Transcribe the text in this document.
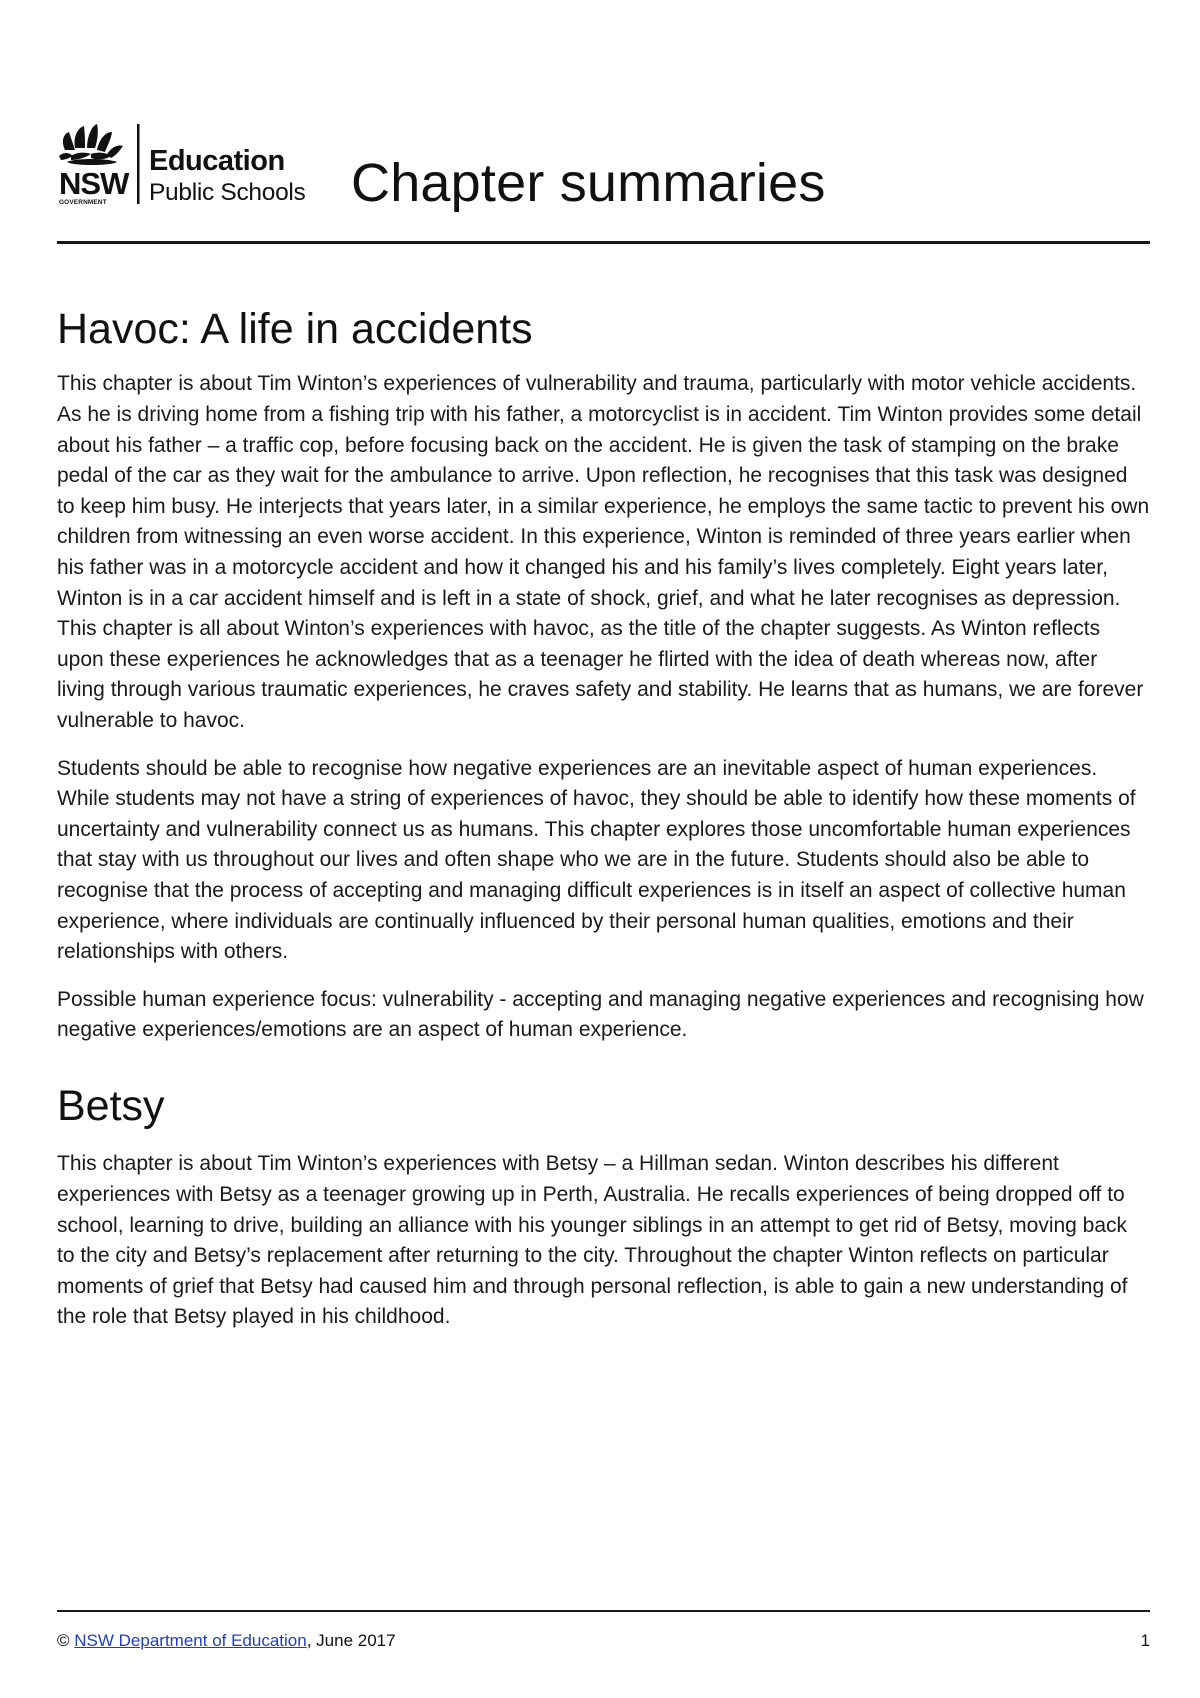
NSW
GOVERNMENT
Education
Public Schools Chapter summaries
Havoc: A life in accidents

This chapter is about Tim Winton’s experiences of vulnerability and trauma, particularly with motor vehicle accidents. As he is driving home from a fishing trip with his father, a motorcyclist is in accident. Tim Winton provides some detail about his father – a traffic cop, before focusing back on the accident. He is given the task of stamping on the brake pedal of the car as they wait for the ambulance to arrive. Upon reflection, he recognises that this task was designed to keep him busy. He interjects that years later, in a similar experience, he employs the same tactic to prevent his own children from witnessing an even worse accident. In this experience, Winton is reminded of three years earlier when his father was in a motorcycle accident and how it changed his and his family’s lives completely. Eight years later, Winton is in a car accident himself and is left in a state of shock, grief, and what he later recognises as depression. This chapter is all about Winton’s experiences with havoc, as the title of the chapter suggests. As Winton reflects upon these experiences he acknowledges that as a teenager he flirted with the idea of death whereas now, after living through various traumatic experiences, he craves safety and stability. He learns that as humans, we are forever vulnerable to havoc.

Students should be able to recognise how negative experiences are an inevitable aspect of human experiences. While students may not have a string of experiences of havoc, they should be able to identify how these moments of uncertainty and vulnerability connect us as humans. This chapter explores those uncomfortable human experiences that stay with us throughout our lives and often shape who we are in the future. Students should also be able to recognise that the process of accepting and managing difficult experiences is in itself an aspect of collective human experience, where individuals are continually influenced by their personal human qualities, emotions and their relationships with others.

Possible human experience focus: vulnerability - accepting and managing negative experiences and recognising how negative experiences/emotions are an aspect of human experience.

Betsy

This chapter is about Tim Winton’s experiences with Betsy – a Hillman sedan. Winton describes his different experiences with Betsy as a teenager growing up in Perth, Australia. He recalls experiences of being dropped off to school, learning to drive, building an alliance with his younger siblings in an attempt to get rid of Betsy, moving back to the city and Betsy’s replacement after returning to the city. Throughout the chapter Winton reflects on particular moments of grief that Betsy had caused him and through personal reflection, is able to gain a new understanding of the role that Betsy played in his childhood.

© NSW Department of Education, June 2017	1
